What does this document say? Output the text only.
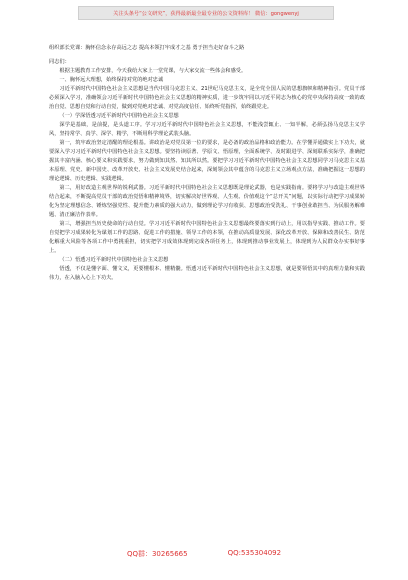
关注头条号“公文研究”，获得最新最全最专业的公文资料库！ 微信：gongwenyj

组织部长党课：胸怀信念永存高远之志 提高本领打牢成才之基 勇于担当走好奋斗之路

同志们：

根据主题教育工作安排，今天我给大家上一堂党课，与大家交流一些体会和感受。

一、胸怀远大理想，始终保持对党的绝对忠诚

习近平新时代中国特色社会主义思想是当代中国马克思主义、21世纪马克思主义，是全党全国人民的思想旗帜和精神指引。党员干部必须深入学习，准确领会习近平新时代中国特色社会主义思想的精神实质，进一步筑牢同以习近平同志为核心的党中央保持高度一致的政治自觉、思想自觉和行动自觉，做到对党绝对忠诚、对党高度信任、始终听党指挥，始终跟党走。

（一）学深悟透习近平新时代中国特色社会主义思想

深学是基础，是前提，是头道工序。学习习近平新时代中国特色社会主义思想，不能浅尝辄止、一知半解，必须弘扬马克思主义学风，坚持常学、真学、深学、精学，不断用科学理论武装头脑。

第一，筑牢政治坚定清醒的理论根基。讲政治是对党员第一位的要求，是必备的政治品格和政治能力。在学懂弄通做实上下功夫，就要深入学习习近平新时代中国特色社会主义思想。要坚持读原著、学原文、悟原理，全面系统学、及时跟进学、深刻联系实际学，准确把握其丰富内涵、核心要义和实践要求，努力做到知其然、知其所以然。要把学习习近平新时代中国特色社会主义思想同学习马克思主义基本原理、党史、新中国史、改革开放史、社会主义发展史结合起来，深刻领会其中蕴含的马克思主义立场观点方法，准确把握这一思想的理论逻辑、历史逻辑、实践逻辑。

第二，用好改造主观世界的锐利武器。习近平新时代中国特色社会主义思想既是理论武器，也是实践指南。要将学习与改造主观世界结合起来，不断提高党员干部的政治觉悟和精神境界，切实解决好世界观、人生观、价值观这个“总开关”问题，以实际行动把学习成果转化为坚定理想信念、锤炼坚强党性、提升能力素质的强大动力，做到理论学习有收获、思想政治受洗礼、干事创业敢担当、为民服务解难题、清正廉洁作表率。

第三，增强担当历史使命的行动自觉。学习习近平新时代中国特色社会主义思想最终要落实到行动上，用以指导实践、推动工作。要自觉把学习成果转化为谋划工作的思路、促进工作的措施、领导工作的本领，在推动高质量发展、深化改革开放、保障和改善民生、防范化解重大风险等各项工作中勇挑重担，切实把学习成效体现到完成各项任务上，体现到推动事业发展上，体现到为人民群众办实事好事上。

（二）悟透习近平新时代中国特色社会主义思想

悟透，不仅是懂字面、懂文义，更要懂根本、懂精髓。悟透习近平新时代中国特色社会主义思想，就是要领悟其中的真理力量和实践伟力，在入脑入心上下功夫。

QQ群：30265665	QQ:535304092
